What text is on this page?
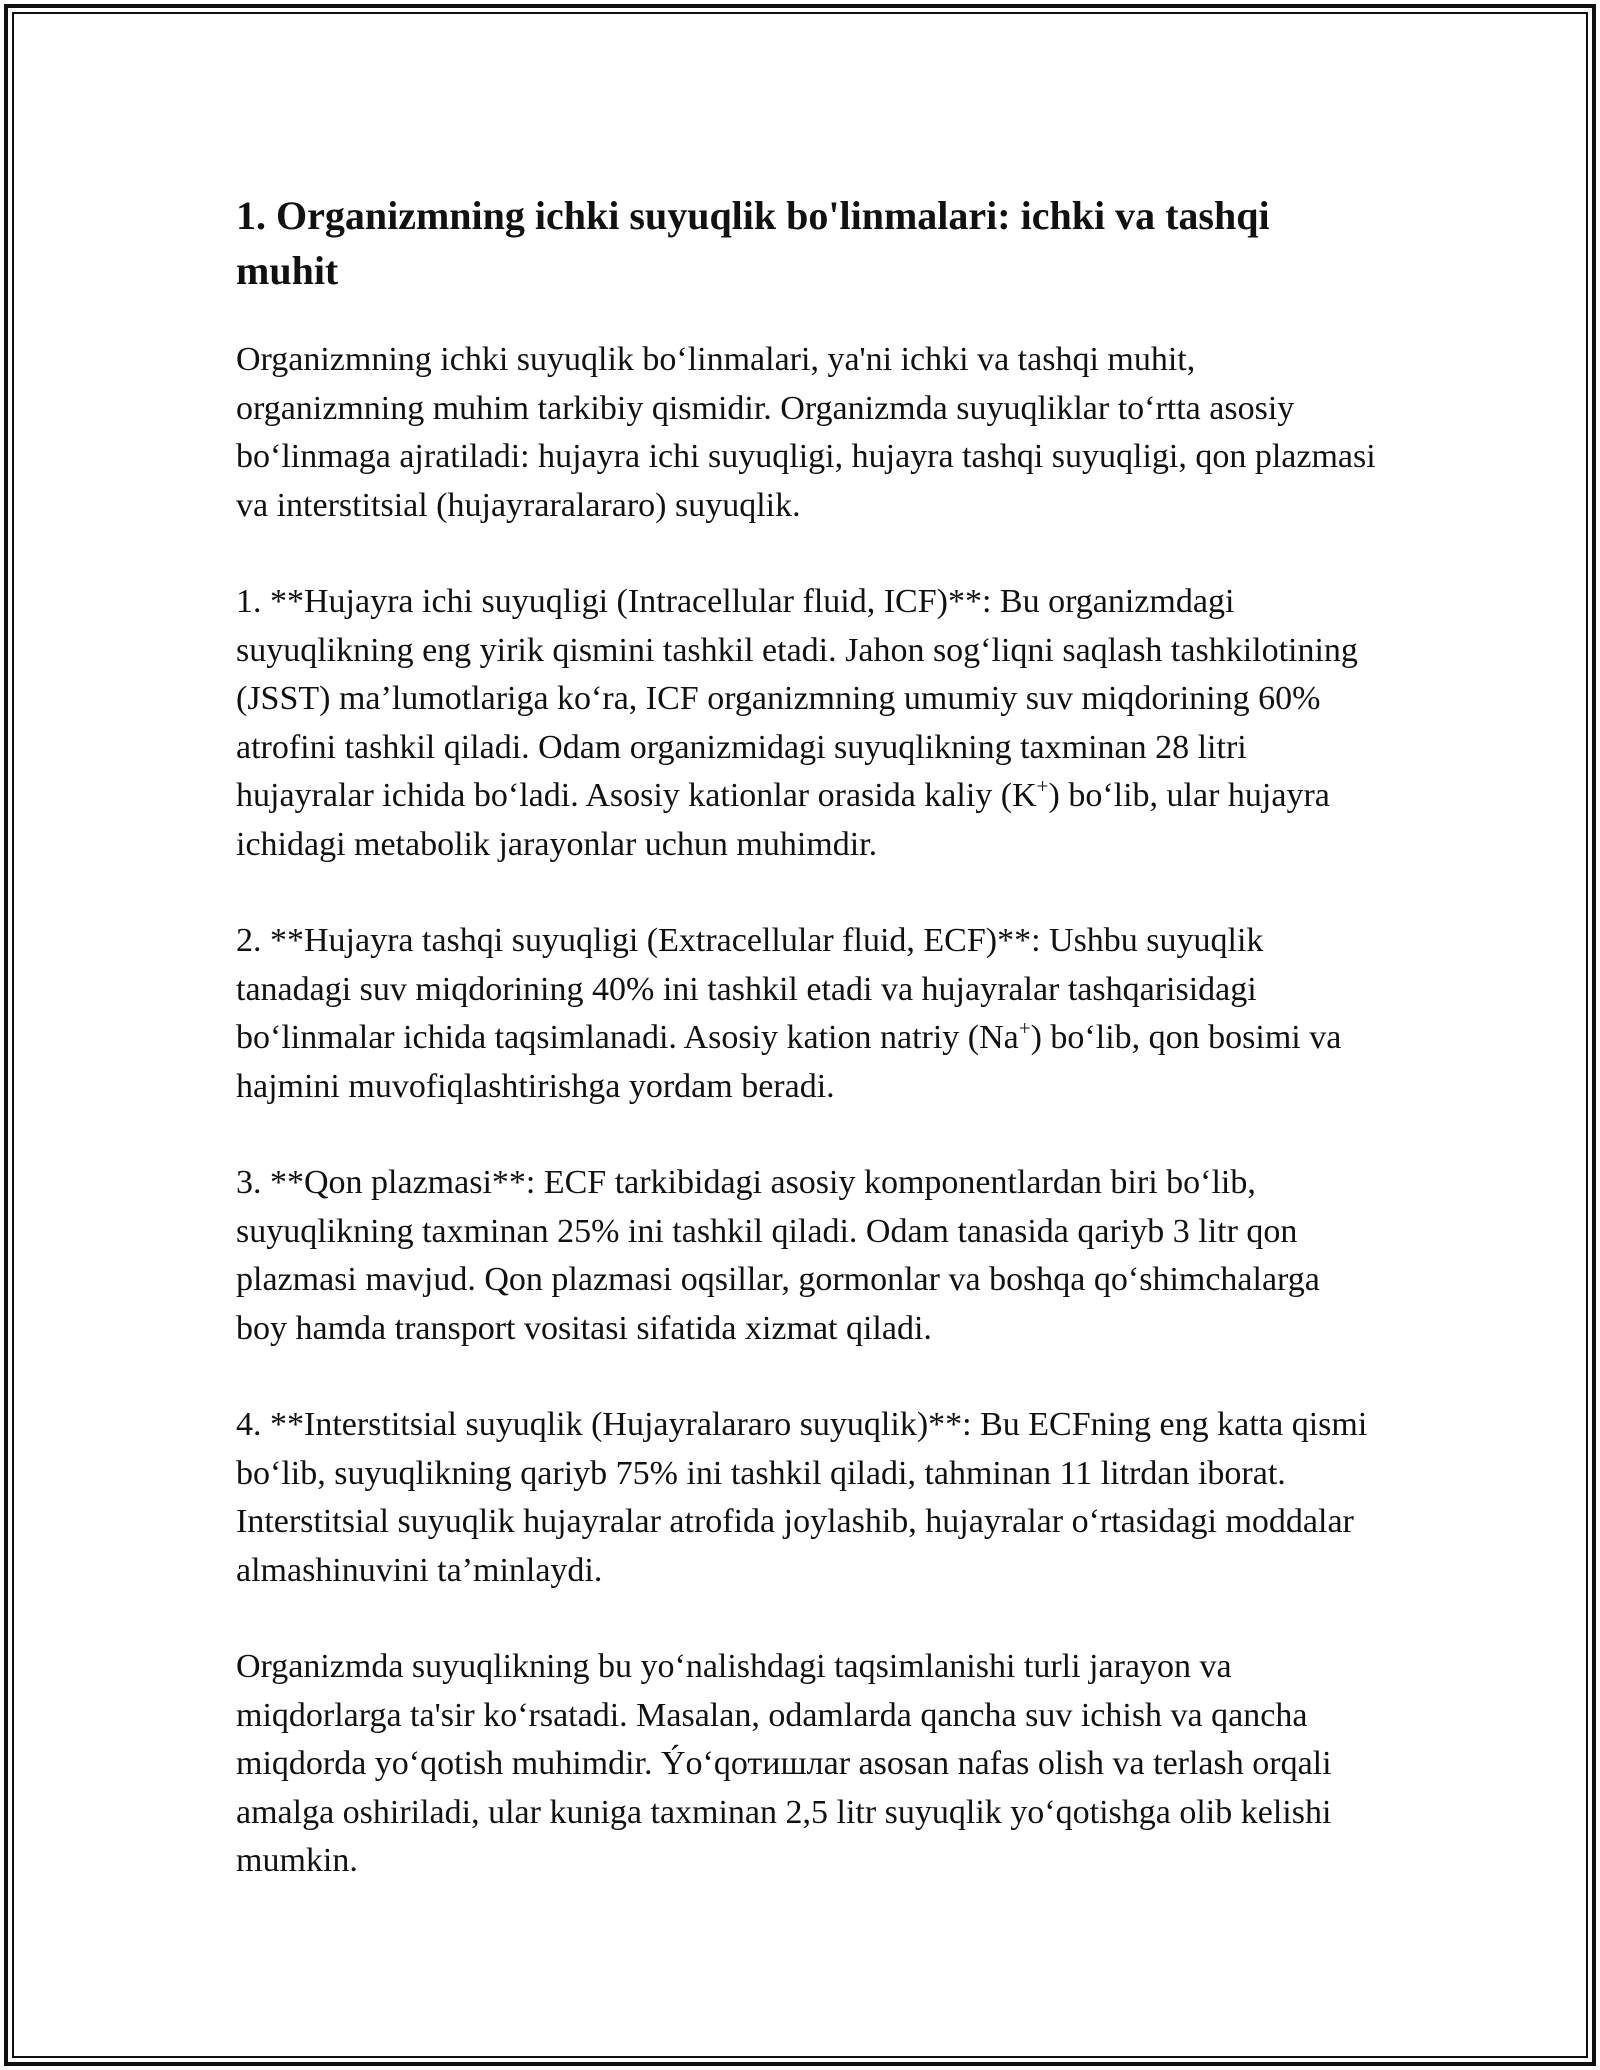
1. Organizmning ichki suyuqlik bo'linmalari: ichki va tashqi muhit

Organizmning ichki suyuqlik bo‘linmalari, ya'ni ichki va tashqi muhit, organizmning muhim tarkibiy qismidir. Organizmda suyuqliklar to‘rtta asosiy bo‘linmaga ajratiladi: hujayra ichi suyuqligi, hujayra tashqi suyuqligi, qon plazmasi va interstitsial (hujayraralararo) suyuqlik.

1. **Hujayra ichi suyuqligi (Intracellular fluid, ICF)**: Bu organizmdagi suyuqlikning eng yirik qismini tashkil etadi. Jahon sog‘liqni saqlash tashkilotining (JSST) ma’lumotlariga ko‘ra, ICF organizmning umumiy suv miqdorining 60% atrofini tashkil qiladi. Odam organizmidagi suyuqlikning taxminan 28 litri hujayralar ichida bo‘ladi. Asosiy kationlar orasida kaliy (K+) bo‘lib, ular hujayra ichidagi metabolik jarayonlar uchun muhimdir.

2. **Hujayra tashqi suyuqligi (Extracellular fluid, ECF)**: Ushbu suyuqlik tanadagi suv miqdorining 40% ini tashkil etadi va hujayralar tashqarisidagi bo‘linmalar ichida taqsimlanadi. Asosiy kation natriy (Na+) bo‘lib, qon bosimi va hajmini muvofiqlashtirishga yordam beradi.

3. **Qon plazmasi**: ECF tarkibidagi asosiy komponentlardan biri bo‘lib, suyuqlikning taxminan 25% ini tashkil qiladi. Odam tanasida qariyb 3 litr qon plazmasi mavjud. Qon plazmasi oqsillar, gormonlar va boshqa qo‘shimchalarga boy hamda transport vositasi sifatida xizmat qiladi.

4. **Interstitsial suyuqlik (Hujayralararo suyuqlik)**: Bu ECFning eng katta qismi bo‘lib, suyuqlikning qariyb 75% ini tashkil qiladi, tahminan 11 litrdan iborat. Interstitsial suyuqlik hujayralar atrofida joylashib, hujayralar o‘rtasidagi moddalar almashinuvini ta’minlaydi.

Organizmda suyuqlikning bu yo‘nalishdagi taqsimlanishi turli jarayon va miqdorlarga ta'sir ko‘rsatadi. Masalan, odamlarda qancha suv ichish va qancha miqdorda yo‘qotish muhimdir. Ýo‘qотишлar asosan nafas olish va terlash orqali amalga oshiriladi, ular kuniga taxminan 2,5 litr suyuqlik yo‘qotishga olib kelishi mumkin.
